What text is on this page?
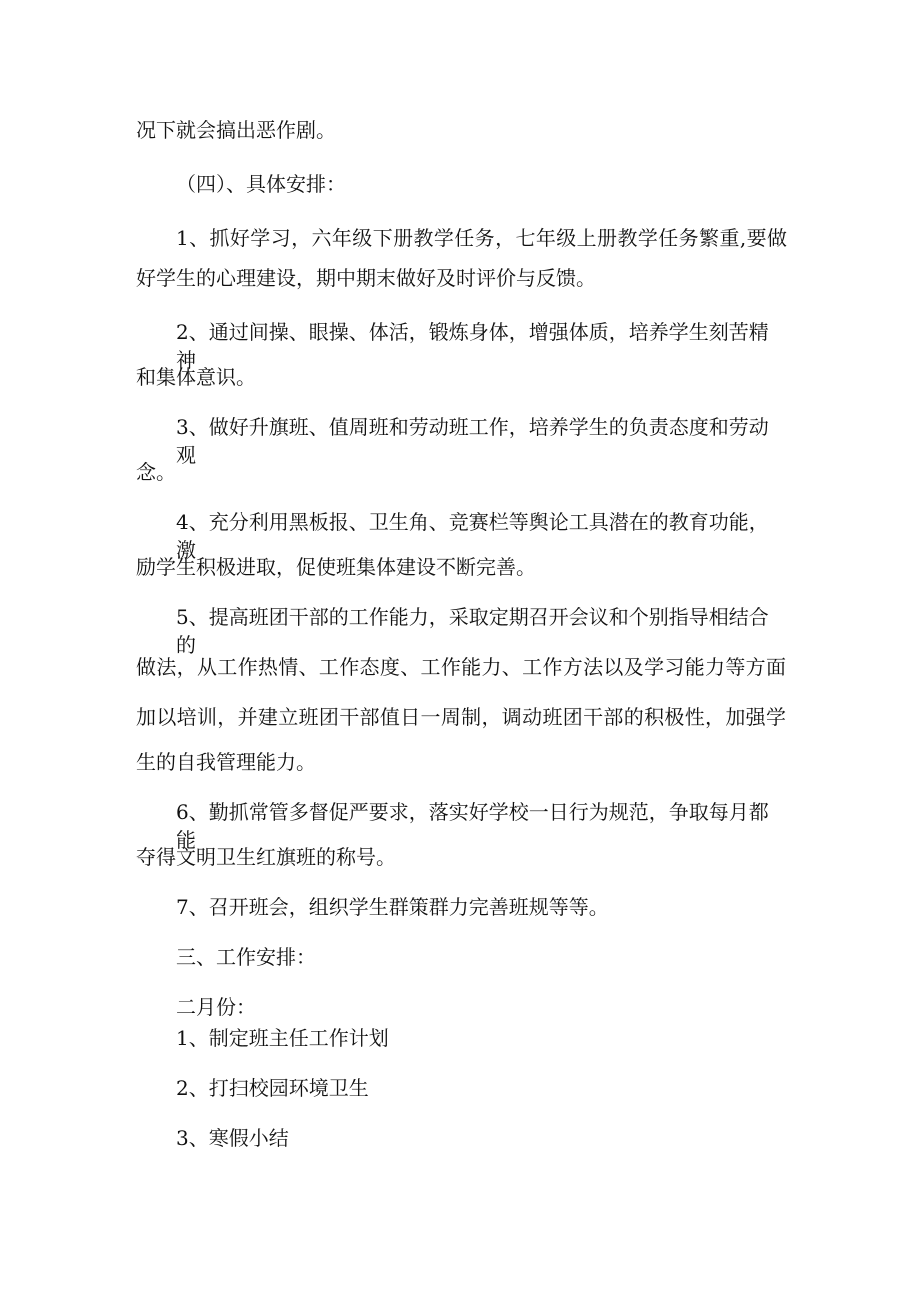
况下就会搞出恶作剧。

（四）、具体安排：

1、抓好学习，六年级下册教学任务，七年级上册教学任务繁重,要做

好学生的心理建设，期中期末做好及时评价与反馈。

2、通过间操、眼操、体活，锻炼身体，增强体质，培养学生刻苦精神

和集体意识。

3、做好升旗班、值周班和劳动班工作，培养学生的负责态度和劳动观

念。

4、充分利用黑板报、卫生角、竞赛栏等舆论工具潜在的教育功能，激

励学生积极进取，促使班集体建设不断完善。

5、提高班团干部的工作能力，采取定期召开会议和个别指导相结合的

做法，从工作热情、工作态度、工作能力、工作方法以及学习能力等方面

加以培训，并建立班团干部值日一周制，调动班团干部的积极性，加强学

生的自我管理能力。

6、勤抓常管多督促严要求，落实好学校一日行为规范，争取每月都能

夺得文明卫生红旗班的称号。

7、召开班会，组织学生群策群力完善班规等等。

三、工作安排：

二月份：

1、制定班主任工作计划

2、打扫校园环境卫生

3、寒假小结
